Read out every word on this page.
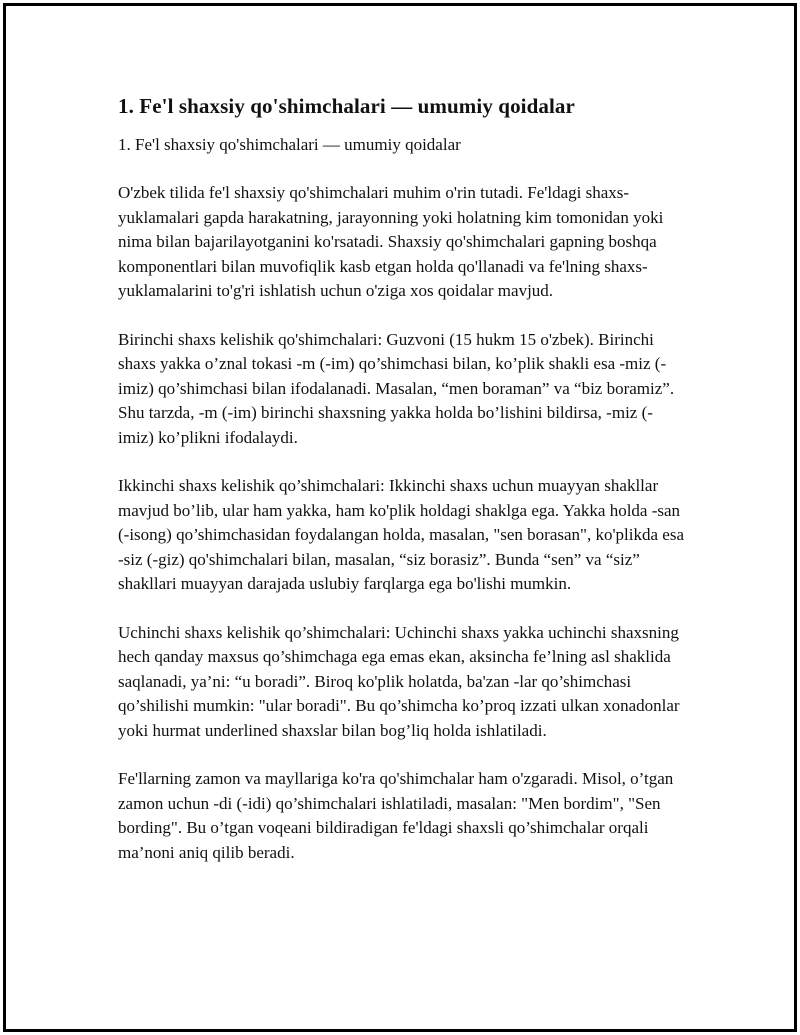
1. Fe'l shaxsiy qo'shimchalari — umumiy qoidalar

1. Fe'l shaxsiy qo'shimchalari — umumiy qoidalar

O'zbek tilida fe'l shaxsiy qo'shimchalari muhim o'rin tutadi. Fe'ldagi shaxs-yuklamalari gapda harakatning, jarayonning yoki holatning kim tomonidan yoki nima bilan bajarilayotganini ko'rsatadi. Shaxsiy qo'shimchalari gapning boshqa komponentlari bilan muvofiqlik kasb etgan holda qo'llanadi va fe'lning shaxs-yuklamalarini to'g'ri ishlatish uchun o'ziga xos qoidalar mavjud.

Birinchi shaxs kelishik qo'shimchalari: Guzvoni (15 hukm 15 o'zbek). Birinchi shaxs yakka o’znal tokasi -m (-im) qo’shimchasi bilan, ko’plik shakli esa -miz (-imiz) qo’shimchasi bilan ifodalanadi. Masalan, “men boraman” va “biz boramiz”. Shu tarzda, -m (-im) birinchi shaxsning yakka holda bo’lishini bildirsa, -miz (-imiz) ko’plikni ifodalaydi.

Ikkinchi shaxs kelishik qo’shimchalari: Ikkinchi shaxs uchun muayyan shakllar mavjud bo’lib, ular ham yakka, ham ko'plik holdagi shaklga ega. Yakka holda -san (-isong) qo’shimchasidan foydalangan holda, masalan, "sen borasan", ko'plikda esa -siz (-giz) qo'shimchalari bilan, masalan, “siz borasiz”. Bunda “sen” va “siz” shakllari muayyan darajada uslubiy farqlarga ega bo'lishi mumkin.

Uchinchi shaxs kelishik qo’shimchalari: Uchinchi shaxs yakka uchinchi shaxsning hech qanday maxsus qo’shimchaga ega emas ekan, aksincha fe’lning asl shaklida saqlanadi, ya’ni: “u boradi”. Biroq ko'plik holatda, ba'zan -lar qo’shimchasi qo’shilishi mumkin: "ular boradi". Bu qo’shimcha ko’proq izzati ulkan xonadonlar yoki hurmat underlined shaxslar bilan bog’liq holda ishlatiladi.

Fe'llarning zamon va mayllariga ko'ra qo'shimchalar ham o'zgaradi. Misol, o’tgan zamon uchun -di (-idi) qo’shimchalari ishlatiladi, masalan: "Men bordim", "Sen bording". Bu o’tgan voqeani bildiradigan fe'ldagi shaxsli qo’shimchalar orqali ma’noni aniq qilib beradi.
